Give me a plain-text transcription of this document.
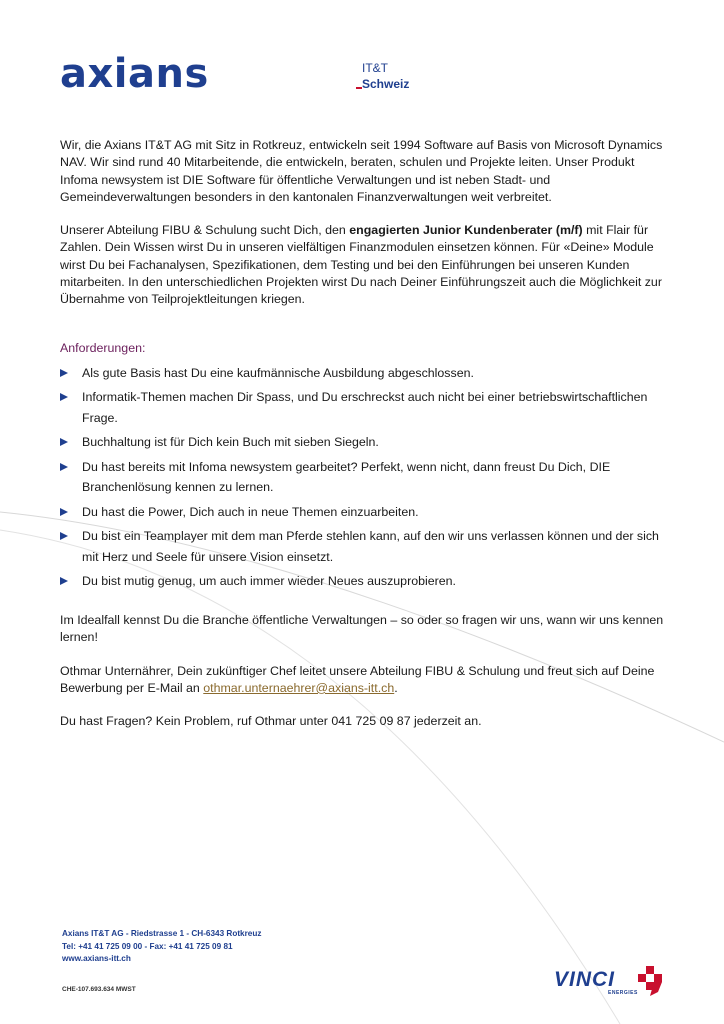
axians	IT&T
Schweiz

Wir, die Axians IT&T AG mit Sitz in Rotkreuz, entwickeln seit 1994 Software auf Basis von Microsoft Dynamics NAV. Wir sind rund 40 Mitarbeitende, die entwickeln, beraten, schulen und Projekte leiten. Unser Produkt Infoma newsystem ist DIE Software für öffentliche Verwaltungen und ist neben Stadt- und Gemeindeverwaltungen besonders in den kantonalen Finanzverwaltungen weit verbreitet.

Unserer Abteilung FIBU & Schulung sucht Dich, den engagierten Junior Kundenberater (m/f) mit Flair für Zahlen. Dein Wissen wirst Du in unseren vielfältigen Finanzmodulen einsetzen können. Für «Deine» Module wirst Du bei Fachanalysen, Spezifikationen, dem Testing und bei den Einführungen bei unseren Kunden mitarbeiten. In den unterschiedlichen Projekten wirst Du nach Deiner Einführungszeit auch die Möglichkeit zur Übernahme von Teilprojektleitungen kriegen.

Anforderungen:

Als gute Basis hast Du eine kaufmännische Ausbildung abgeschlossen.
Informatik-Themen machen Dir Spass, und Du erschreckst auch nicht bei einer betriebswirtschaftlichen Frage.
Buchhaltung ist für Dich kein Buch mit sieben Siegeln.
Du hast bereits mit Infoma newsystem gearbeitet? Perfekt, wenn nicht, dann freust Du Dich, DIE Branchenlösung kennen zu lernen.
Du hast die Power, Dich auch in neue Themen einzuarbeiten.
Du bist ein Teamplayer mit dem man Pferde stehlen kann, auf den wir uns verlassen können und der sich mit Herz und Seele für unsere Vision einsetzt.
Du bist mutig genug, um auch immer wieder Neues auszuprobieren.

Im Idealfall kennst Du die Branche öffentliche Verwaltungen – so oder so fragen wir uns, wann wir uns kennen lernen!

Othmar Unternährer, Dein zukünftiger Chef leitet unsere Abteilung FIBU & Schulung und freut sich auf Deine Bewerbung per E-Mail an othmar.unternaehrer@axians-itt.ch.

Du hast Fragen? Kein Problem, ruf Othmar unter 041 725 09 87 jederzeit an.

Axians IT&T AG - Riedstrasse 1 - CH-6343 Rotkreuz
Tel: +41 41 725 09 00 - Fax: +41 41 725 09 81
www.axians-itt.ch
CHE-107.693.634 MWST	VINCI
ENERGIES
